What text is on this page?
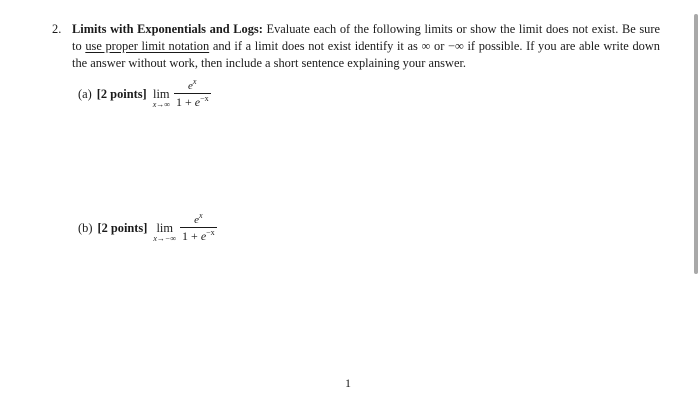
2. Limits with Exponentials and Logs: Evaluate each of the following limits or show the limit does not exist. Be sure to use proper limit notation and if a limit does not exist identify it as ∞ or −∞ if possible. If you are able write down the answer without work, then include a short sentence explaining your answer.
(a) [2 points] lim
$x\to\infty \frac{e^x}{1 + e^{-x}}$
(b) [2 points] lim
$x\to-\infty \frac{e^x}{1 + e^{-x}}$
1
